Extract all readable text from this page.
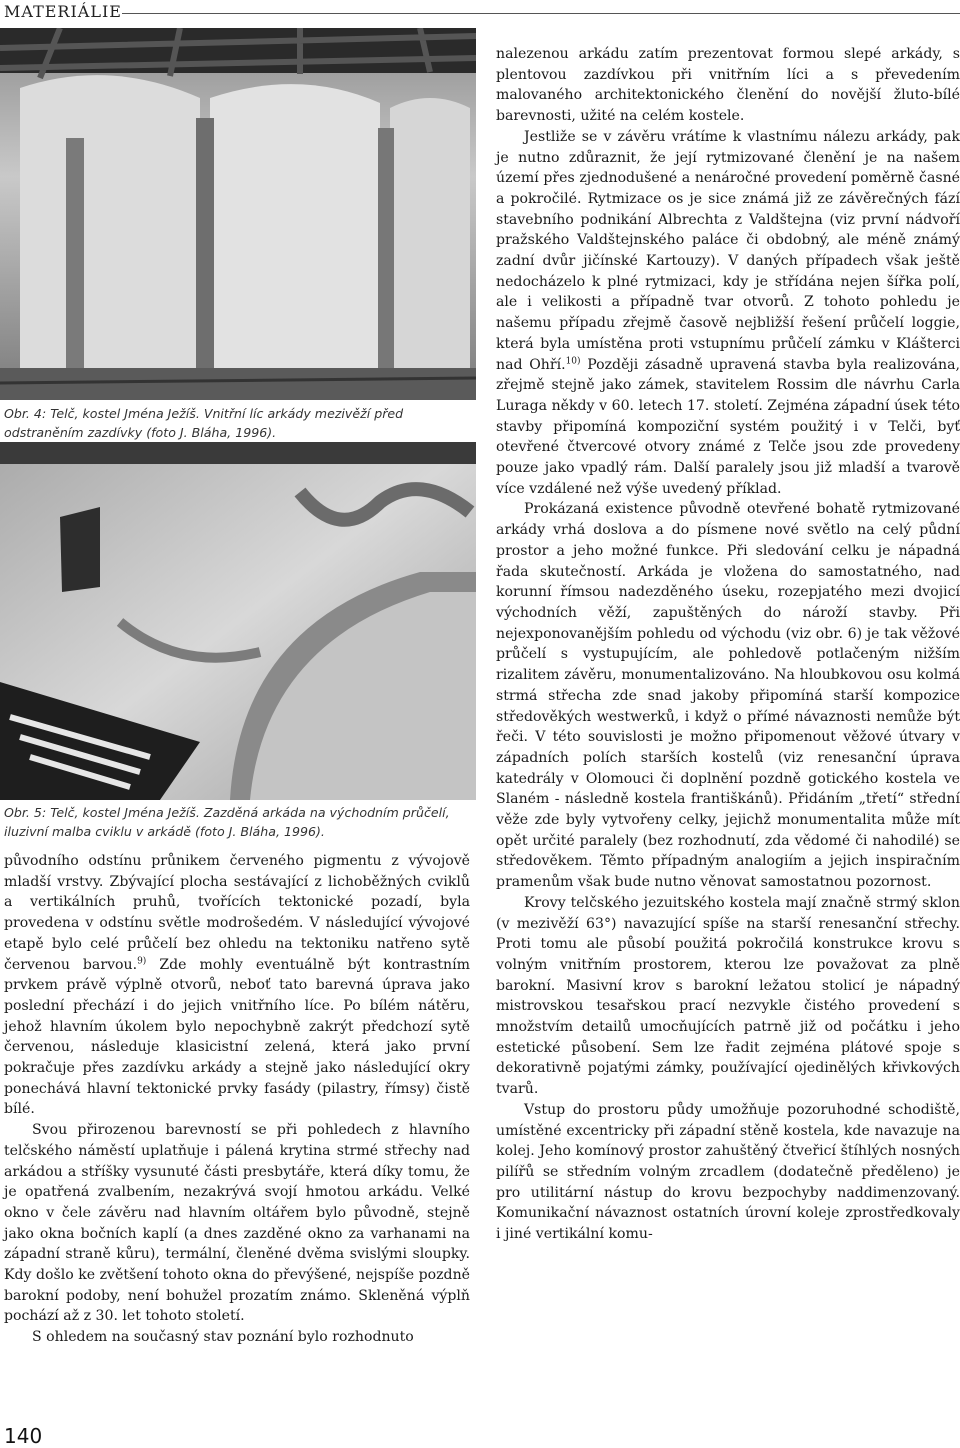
MATERIÁLIE
Obr. 4: Telč, kostel Jména Ježíš. Vnitřní líc arkády mezivěží před odstraněním zazdívky (foto J. Bláha, 1996).
Obr. 5: Telč, kostel Jména Ježíš. Zazděná arkáda na východním průčelí, iluzivní malba cviklu v arkádě (foto J. Bláha, 1996).

původního odstínu průnikem červeného pigmentu z vývojově mladší vrstvy. Zbývající plocha sestávající z lichoběžných cviklů a vertikálních pruhů, tvořících tektonické pozadí, byla provedena v odstínu světle modrošedém. V následující vývojové etapě bylo celé průčelí bez ohledu na tektoniku natřeno sytě červenou barvou.$^{9)}$ Zde mohly eventuálně být kontrastním prvkem právě výplně otvorů, neboť tato barevná úprava jako poslední přechází i do jejich vnitřního líce. Po bílém nátěru, jehož hlavním úkolem bylo nepochybně zakrýt předchozí sytě červenou, následuje klasicistní zelená, která jako první pokračuje přes zazdívku arkády a stejně jako následující okry ponechává hlavní tektonické prvky fasády (pilastry, římsy) čistě bílé.

Svou přirozenou barevností se při pohledech z hlavního telčského náměstí uplatňuje i pálená krytina strmé střechy nad arkádou a stříšky vysunuté části presbytáře, která díky tomu, že je opatřená zvalbením, nezakrývá svojí hmotou arkádu. Velké okno v čele závěru nad hlavním oltářem bylo původně, stejně jako okna bočních kaplí (a dnes zazděné okno za varhanami na západní straně kůru), termální, členěné dvěma svislými sloupky. Kdy došlo ke zvětšení tohoto okna do převýšené, nejspíše pozdně barokní podoby, není bohužel prozatím známo. Skleněná výplň pochází až z 30. let tohoto století.

S ohledem na současný stav poznání bylo rozhodnuto

nalezenou arkádu zatím prezentovat formou slepé arkády, s plentovou zazdívkou při vnitřním líci a s převedením malovaného architektonického členění do novější žluto-bílé barevnosti, užité na celém kostele.

Jestliže se v závěru vrátíme k vlastnímu nálezu arkády, pak je nutno zdůraznit, že její rytmizované členění je na našem území přes zjednodušené a nenáročné provedení poměrně časné a pokročilé. Rytmizace os je sice známá již ze závěrečných fází stavebního podnikání Albrechta z Valdštejna (viz první nádvoří pražského Valdštejnského paláce či obdobný, ale méně známý zadní dvůr jičínské Kartouzy). V daných případech však ještě nedocházelo k plné rytmizaci, kdy je střídána nejen šířka polí, ale i velikosti a případně tvar otvorů. Z tohoto pohledu je našemu případu zřejmě časově nejbližší řešení průčelí loggie, která byla umístěna proti vstupnímu průčelí zámku v Klášterci nad Ohří.$^{10)}$ Později zásadně upravená stavba byla realizována, zřejmě stejně jako zámek, stavitelem Rossim dle návrhu Carla Luraga někdy v 60. letech 17. století. Zejména západní úsek této stavby připomíná kompoziční systém použitý i v Telči, byť otevřené čtvercové otvory známé z Telče jsou zde provedeny pouze jako vpadlý rám. Další paralely jsou již mladší a tvarově více vzdálené než výše uvedený příklad.

Prokázaná existence původně otevřené bohatě rytmizované arkády vrhá doslova a do písmene nové světlo na celý půdní prostor a jeho možné funkce. Při sledování celku je nápadná řada skutečností. Arkáda je vložena do samostatného, nad korunní římsou nadezděného úseku, rozepjatého mezi dvojicí východních věží, zapuštěných do nároží stavby. Při nejexponovanějším pohledu od východu (viz obr. 6) je tak věžové průčelí s vystupujícím, ale pohledově potlačeným nižším rizalitem závěru, monumentalizováno. Na hloubkovou osu kolmá strmá střecha zde snad jakoby připomíná starší kompozice středověkých westwerků, i když o přímé návaznosti nemůže být řeči. V této souvislosti je možno připomenout věžové útvary v západních polích starších kostelů (viz renesanční úprava katedrály v Olomouci či doplnění pozdně gotického kostela ve Slaném - následně kostela františkánů). Přidáním „třetí“ střední věže zde byly vytvořeny celky, jejichž monumentalita může mít opět určité paralely (bez rozhodnutí, zda vědomé či nahodilé) se středověkem. Těmto případným analogiím a jejich inspiračním pramenům však bude nutno věnovat samostatnou pozornost.

Krovy telčského jezuitského kostela mají značně strmý sklon (v mezivěží 63°) navazující spíše na starší renesanční střechy. Proti tomu ale působí použitá pokročilá konstrukce krovu s volným vnitřním prostorem, kterou lze považovat za plně barokní. Masivní krov s barokní ležatou stolicí je nápadný mistrovskou tesařskou prací nezvykle čistého provedení s množstvím detailů umocňujících patrně již od počátku i jeho estetické působení. Sem lze řadit zejména plátové spoje s dekorativně pojatými zámky, používající ojedinělých křivkových tvarů.

Vstup do prostoru půdy umožňuje pozoruhodné schodiště, umístěné excentricky při západní stěně kostela, kde navazuje na kolej. Jeho komínový prostor zahuštěný čtveřicí štíhlých nosných pilířů se středním volným zrcadlem (dodatečně předěleno) je pro utilitární nástup do krovu bezpochyby naddimenzovaný. Komunikační návaznost ostatních úrovní koleje zprostředkovaly i jiné vertikální komu-

140
